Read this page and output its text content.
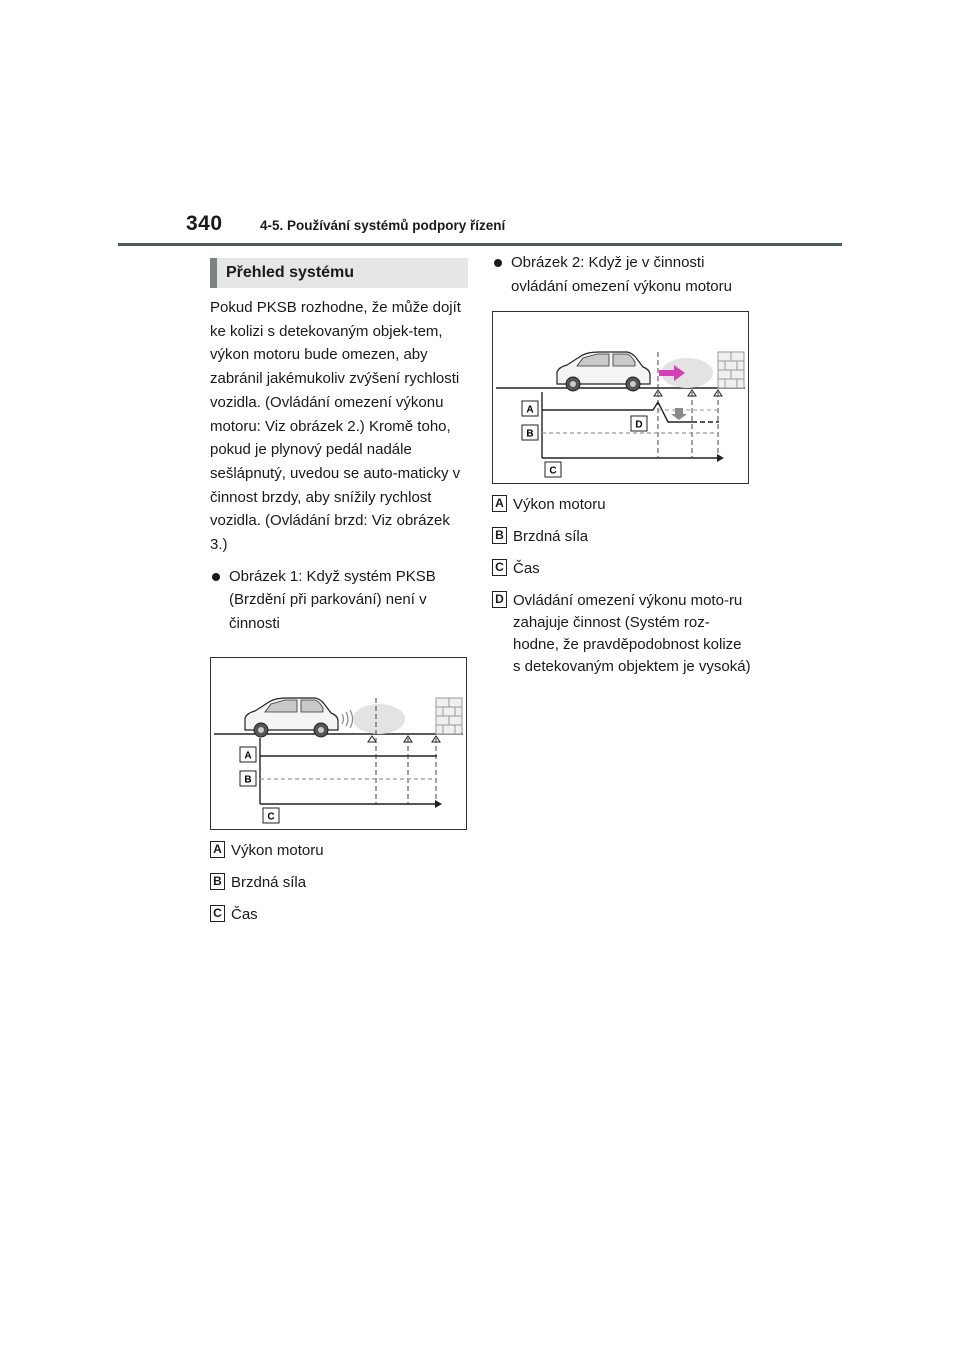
340	4-5. Používání systémů podpory řízení
Přehled systému

Pokud PKSB rozhodne, že může dojít ke kolizi s detekovaným objek-tem, výkon motoru bude omezen, aby zabránil jakémukoliv zvýšení rychlosti vozidla. (Ovládání omezení výkonu motoru: Viz obrázek 2.) Kromě toho, pokud je plynový pedál nadále sešlápnutý, uvedou se auto-maticky v činnost brzdy, aby snížily rychlost vozidla. (Ovládání brzd: Viz obrázek 3.)

Obrázek 1: Když systém PKSB (Brzdění při parkování) není v činnosti
A
B
C
A Výkon motoru
B Brzdná síla
C Čas
Obrázek 2: Když je v činnosti ovládání omezení výkonu motoru
A
B
C
D
A Výkon motoru
B Brzdná síla
C Čas
D Ovládání omezení výkonu moto-ru zahajuje činnost (Systém roz-hodne, že pravděpodobnost kolize s detekovaným objektem je vysoká)
